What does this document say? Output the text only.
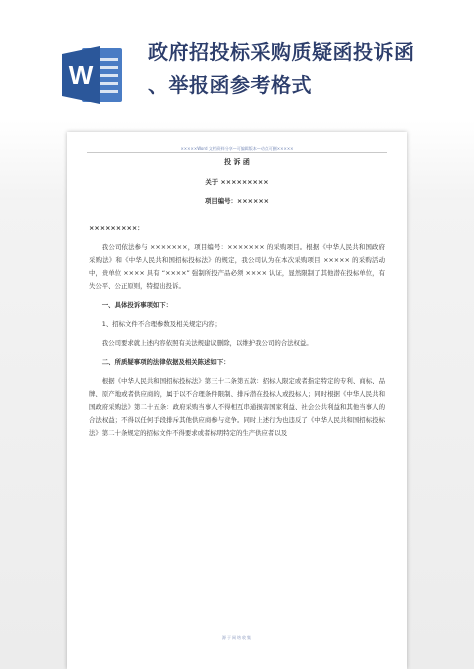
W
政府招投标采购质疑函投诉函
、举报函参考格式
×××××Word 文档资料分享—可编辑版本—动点可删×××××
投 诉 函
关于 ×××××××××
项目编号：××××××
×××××××××：

我公司依法参与 ×××××××，项目编号：××××××× 的采购项目。根据《中华人民共和国政府采购法》和《中华人民共和国招标投标法》的规定，我公司认为在本次采购项目 ××××× 的采购活动中，贵单位 ×××× 具有 “××××” 强制所投产品必须 ×××× 认证，显然限制了其他潜在投标单位，有失公平、公正原则，特提出投诉。

一、具体投诉事项如下：

1、招标文件不合理参数及相关规定内容；

我公司要求就上述内容依照有关法规建议删除，以维护我公司的合法权益。

二、所质疑事项的法律依据及相关陈述如下：

根据《中华人民共和国招标投标法》第三十二条第五款：招标人限定或者指定特定的专利、商标、品牌、原产地或者供应商的，属于以不合理条件限制、排斥潜在投标人或投标人；同时根据《中华人民共和国政府采购法》第二十五条：政府采购当事人不得相互串通损害国家利益、社会公共利益和其他当事人的合法权益；不得以任何手段排斥其他供应商参与竞争。同时上述行为也违反了《中华人民共和国招标投标法》第二十条规定的招标文件不得要求或者标明特定的生产供应者以及

源于网络收集
